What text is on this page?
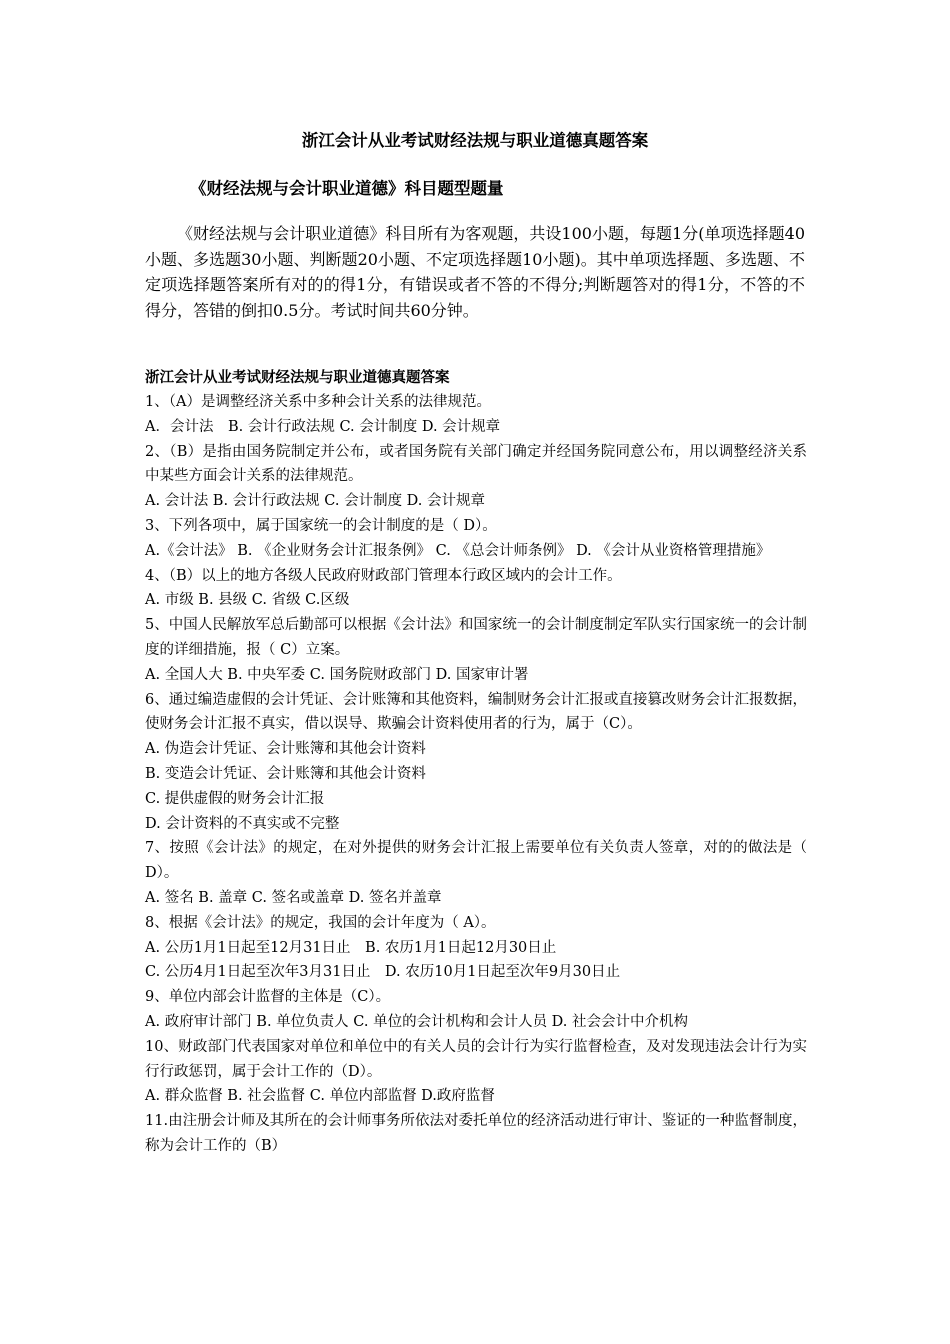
浙江会计从业考试财经法规与职业道德真题答案
《财经法规与会计职业道德》科目题型题量

《财经法规与会计职业道德》科目所有为客观题，共设100小题，每题1分(单项选择题40小题、多选题30小题、判断题20小题、不定项选择题10小题)。其中单项选择题、多选题、不定项选择题答案所有对的的得1分，有错误或者不答的不得分;判断题答对的得1分，不答的不得分，答错的倒扣0.5分。考试时间共60分钟。

浙江会计从业考试财经法规与职业道德真题答案
1、（A）是调整经济关系中多种会计关系的法律规范。
A．会计法　B. 会计行政法规 C. 会计制度 D. 会计规章
2、（B）是指由国务院制定并公布，或者国务院有关部门确定并经国务院同意公布，用以调整经济关系中某些方面会计关系的法律规范。
A. 会计法 B. 会计行政法规 C. 会计制度 D. 会计规章
3、下列各项中，属于国家统一的会计制度的是（ D）。
A.《会计法》 B. 《企业财务会计汇报条例》 C. 《总会计师条例》 D. 《会计从业资格管理措施》
4、（B）以上的地方各级人民政府财政部门管理本行政区域内的会计工作。
A. 市级 B. 县级 C. 省级 C.区级
5、中国人民解放军总后勤部可以根据《会计法》和国家统一的会计制度制定军队实行国家统一的会计制度的详细措施，报（ C）立案。
A. 全国人大 B. 中央军委 C. 国务院财政部门 D. 国家审计署
6、通过编造虚假的会计凭证、会计账簿和其他资料，编制财务会计汇报或直接篡改财务会计汇报数据，使财务会计汇报不真实，借以误导、欺骗会计资料使用者的行为，属于（C）。
A. 伪造会计凭证、会计账簿和其他会计资料
B. 变造会计凭证、会计账簿和其他会计资料
C. 提供虚假的财务会计汇报
D. 会计资料的不真实或不完整
7、按照《会计法》的规定，在对外提供的财务会计汇报上需要单位有关负责人签章，对的的做法是（ D）。
A. 签名 B. 盖章 C. 签名或盖章 D. 签名并盖章
8、根据《会计法》的规定，我国的会计年度为（ A）。
A. 公历1月1日起至12月31日止　B. 农历1月1日起12月30日止
C. 公历4月1日起至次年3月31日止　D. 农历10月1日起至次年9月30日止
9、单位内部会计监督的主体是（C）。
A. 政府审计部门 B. 单位负责人 C. 单位的会计机构和会计人员 D. 社会会计中介机构
10、财政部门代表国家对单位和单位中的有关人员的会计行为实行监督检查，及对发现违法会计行为实行行政惩罚，属于会计工作的（D）。
A. 群众监督 B. 社会监督 C. 单位内部监督 D.政府监督
11.由注册会计师及其所在的会计师事务所依法对委托单位的经济活动进行审计、鉴证的一种监督制度，称为会计工作的（B）
